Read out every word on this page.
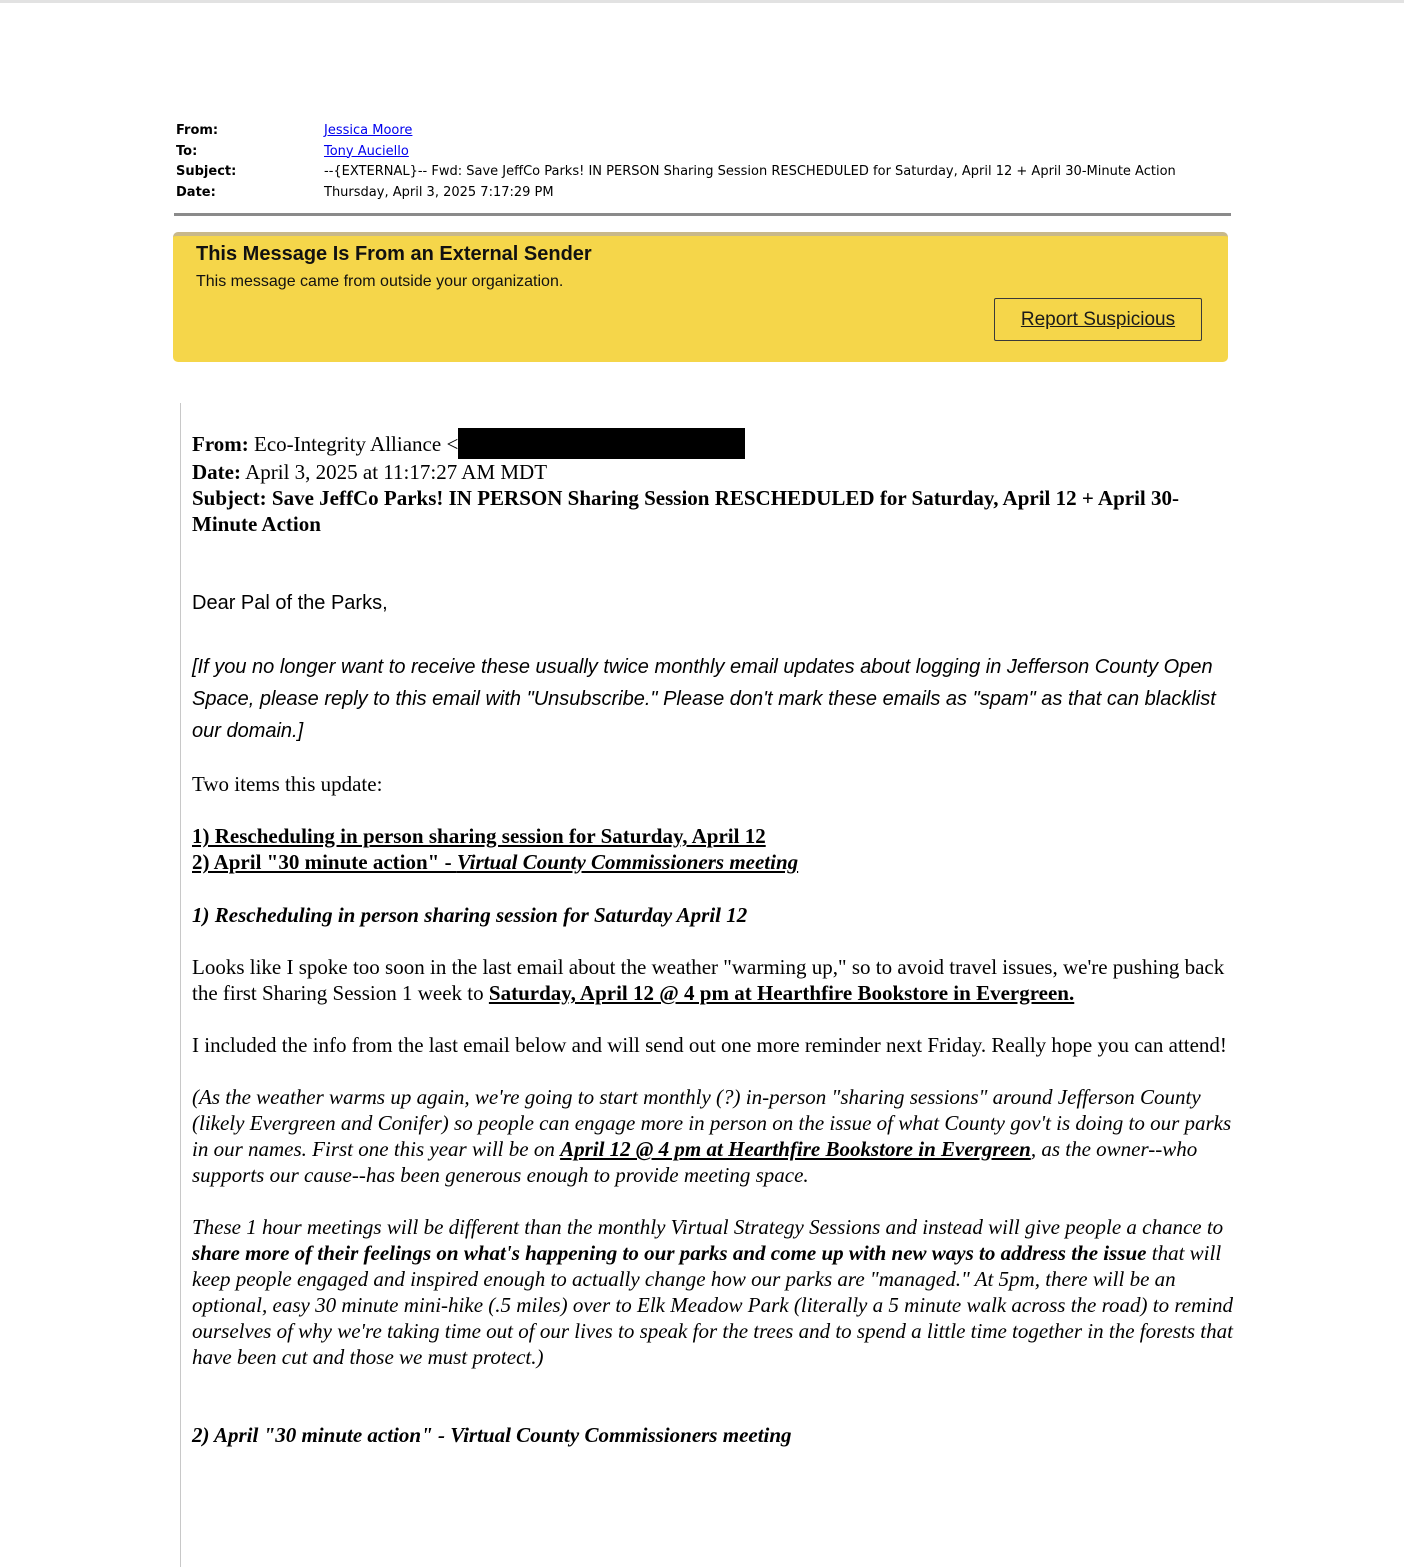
From:	Jessica Moore
To:	Tony Auciello
Subject:	--{EXTERNAL}-- Fwd: Save JeffCo Parks! IN PERSON Sharing Session RESCHEDULED for Saturday, April 12 + April 30-Minute Action
Date:	Thursday, April 3, 2025 7:17:29 PM
This Message Is From an External Sender
This message came from outside your organization.
Report Suspicious
From: Eco-Integrity Alliance <
Date: April 3, 2025 at 11:17:27 AM MDT
Subject: Save JeffCo Parks! IN PERSON Sharing Session RESCHEDULED for Saturday, April 12 + April 30-Minute Action
Dear Pal of the Parks,
[If you no longer want to receive these usually twice monthly email updates about logging in Jefferson County Open Space, please reply to this email with "Unsubscribe." Please don't mark these emails as "spam" as that can blacklist our domain.]

Two items this update:

1) Rescheduling in person sharing session for Saturday, April 12
2) April "30 minute action" - Virtual County Commissioners meeting

1) Rescheduling in person sharing session for Saturday April 12

Looks like I spoke too soon in the last email about the weather "warming up," so to avoid travel issues, we're pushing back the first Sharing Session 1 week to Saturday, April 12 @ 4 pm at Hearthfire Bookstore in Evergreen.

I included the info from the last email below and will send out one more reminder next Friday. Really hope you can attend!

(As the weather warms up again, we're going to start monthly (?) in-person "sharing sessions" around Jefferson County (likely Evergreen and Conifer) so people can engage more in person on the issue of what County gov't is doing to our parks in our names. First one this year will be on April 12 @ 4 pm at Hearthfire Bookstore in Evergreen, as the owner--who supports our cause--has been generous enough to provide meeting space.

These 1 hour meetings will be different than the monthly Virtual Strategy Sessions and instead will give people a chance to share more of their feelings on what's happening to our parks and come up with new ways to address the issue that will keep people engaged and inspired enough to actually change how our parks are "managed." At 5pm, there will be an optional, easy 30 minute mini-hike (.5 miles) over to Elk Meadow Park (literally a 5 minute walk across the road) to remind ourselves of why we're taking time out of our lives to speak for the trees and to spend a little time together in the forests that have been cut and those we must protect.)

2) April "30 minute action" - Virtual County Commissioners meeting
